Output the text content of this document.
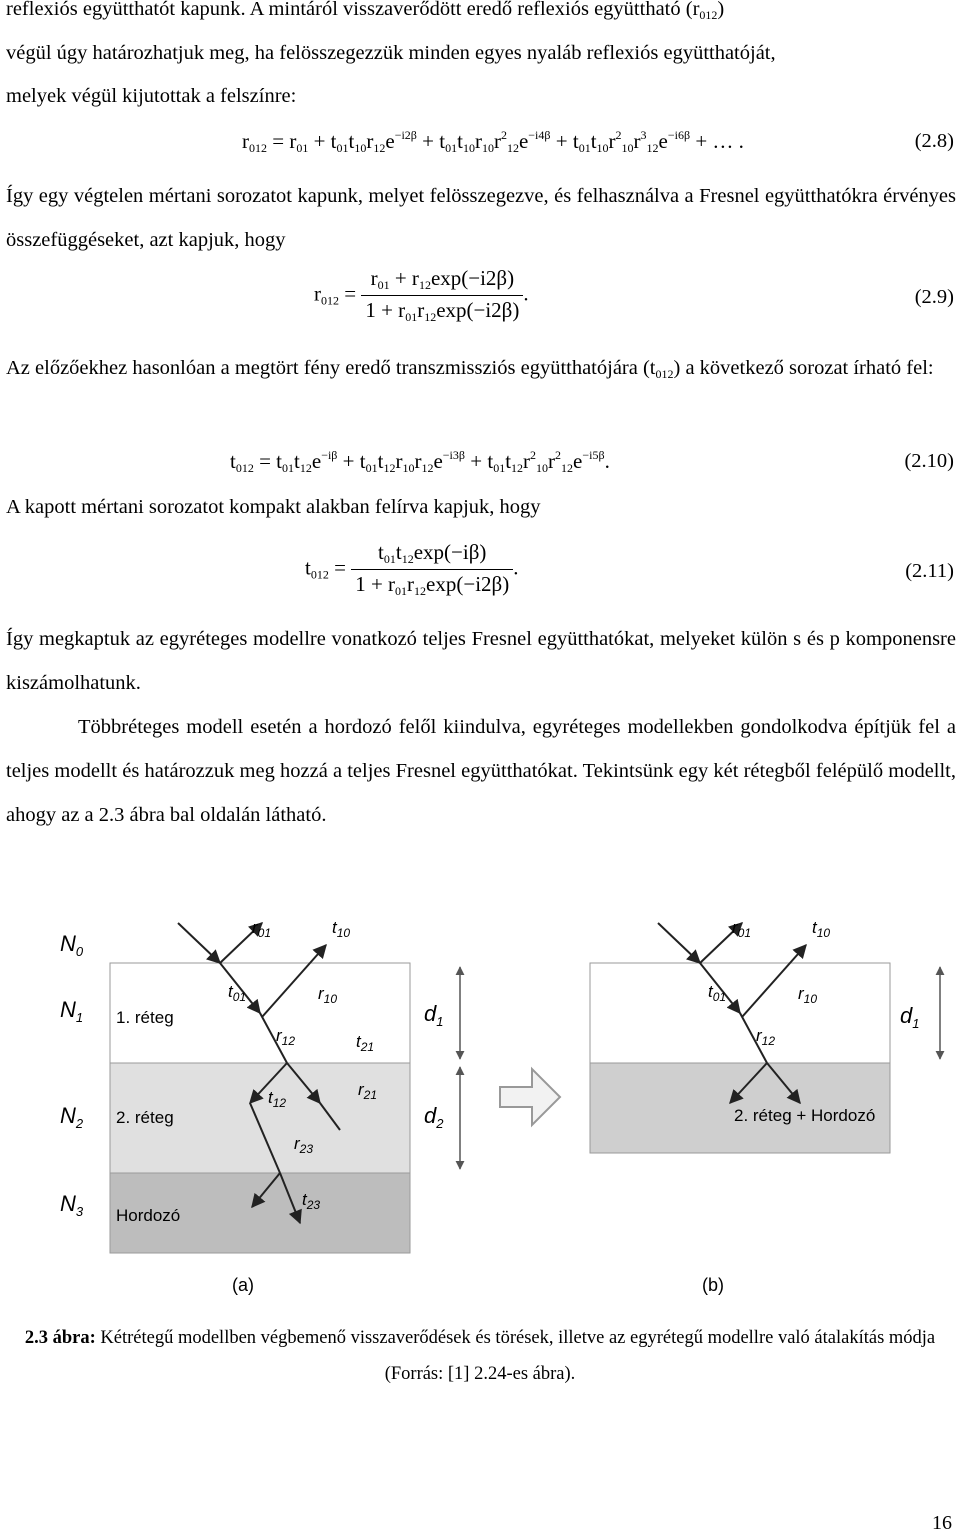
reflexiós együtthatót kapunk. A mintáról visszaverődött eredő reflexiós együttható $(r_{012})$
végül úgy határozhatjuk meg, ha felösszegezzük minden egyes nyaláb reflexiós együtthatóját,
melyek végül kijutottak a felszínre:
$r_{012} = r_{01} + t_{01}t_{10}r_{12}e^{-i2\beta} + t_{01}t_{10}r_{10}r^2_{12}e^{-i4\beta} + t_{01}t_{10}r^2_{10}r^3_{12}e^{-i6\beta}$ + … .	(2.8)
Így egy végtelen mértani sorozatot kapunk, melyet felösszegezve, és felhasználva a Fresnel együtthatókra érvényes összefüggéseket, azt kapjuk, hogy
$r_{012} = \frac{r_{01} + r_{12}\exp(-i2\beta)}{1 + r_{01}r_{12}\exp(-i2\beta)}$ .	(2.9)
Az előzőekhez hasonlóan a megtört fény eredő transzmissziós együtthatójára $(t_{012})$ a következő sorozat írható fel:
$t_{012} = t_{01}t_{12}e^{-i\beta} + t_{01}t_{12}r_{10}r_{12}e^{-i3\beta} + t_{01}t_{12}r^2_{10}r^2_{12}e^{-i5\beta}$.	(2.10)
A kapott mértani sorozatot kompakt alakban felírva kapjuk, hogy
$t_{012} = \frac{t_{01}t_{12}\exp(-i\beta)}{1 + r_{01}r_{12}\exp(-i2\beta)}$ .	(2.11)
Így megkaptuk az egyréteges modellre vonatkozó teljes Fresnel együtthatókat, melyeket külön s és p komponensre kiszámolhatunk.
Többréteges modell esetén a hordozó felől kiindulva, egyréteges modellekben gondolkodva építjük fel a teljes modellt és határozzuk meg hozzá a teljes Fresnel együtthatókat. Tekintsünk egy két rétegből felépülő modellt, ahogy az a 2.3 ábra bal oldalán látható.
$N_0$
$N_1$
$N_2$
$N_3$
1. réteg
2. réteg
Hordozó
$r_{01}$	$t_{10}$
$t_{01}$	$r_{10}$
$r_{12}$	$t_{21}$
$t_{12}$
$r_{21}$
$r_{23}$
$t_{23}$
$d_1$
$d_2$
(a)
$r_{01}$	$t_{10}$
$t_{01}$	$r_{10}$
$r_{12}$
2. réteg + Hordozó
$d_1$
(b)
2.3 ábra: Kétrétegű modellben végbemenő visszaverődések és törések, illetve az egyrétegű modellre való átalakítás módja (Forrás: [1] 2.24-es ábra).
16
